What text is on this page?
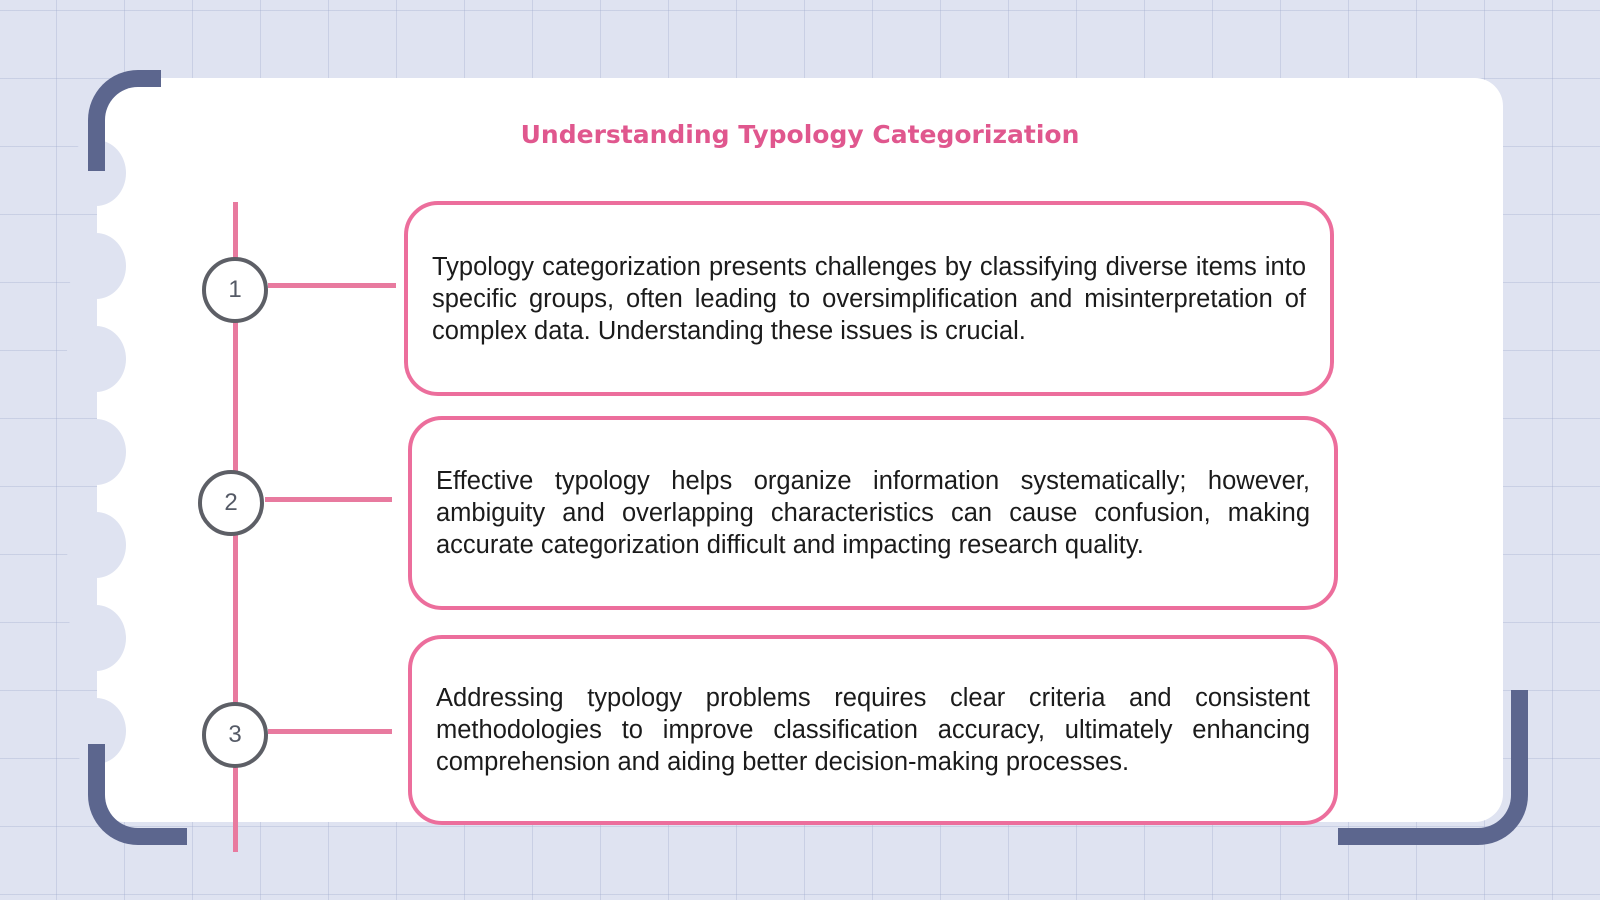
Understanding Typology Categorization
1
2
3

Typology categorization presents challenges by classifying diverse items into specific groups, often leading to oversimplification and misinterpretation of complex data. Understanding these issues is crucial.

Effective typology helps organize information systematically; however, ambiguity and overlapping characteristics can cause confusion, making accurate categorization difficult and impacting research quality.

Addressing typology problems requires clear criteria and consistent methodologies to improve classification accuracy, ultimately enhancing comprehension and aiding better decision-making processes.
